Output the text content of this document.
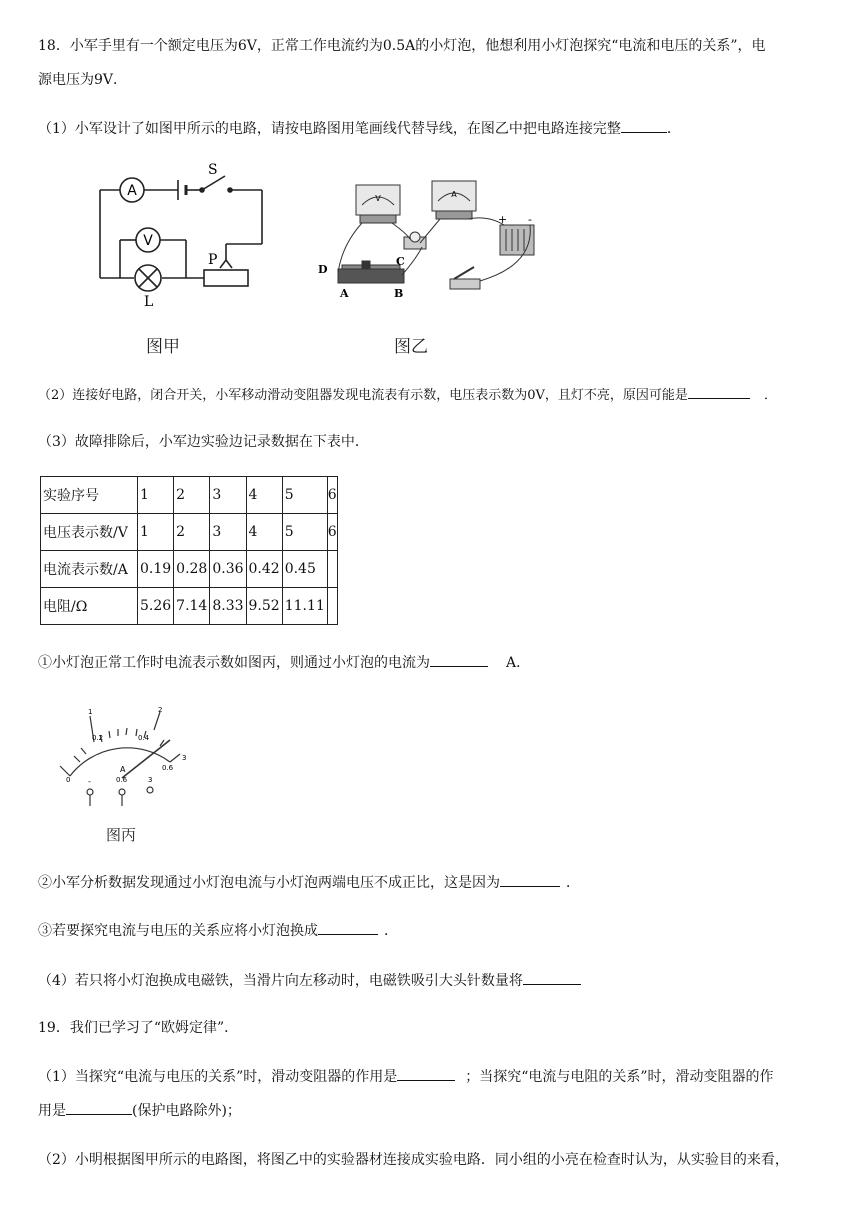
18．小军手里有一个额定电压为6V，正常工作电流约为0.5A的小灯泡，他想利用小灯泡探究“电流和电压的关系”，电
源电压为9V．
（1）小军设计了如图甲所示的电路，请按电路图用笔画线代替导线，在图乙中把电路连接完整	．
A
V
S
L
P
图甲
V	A
+ -
D
C
A	B
图乙
（2）连接好电路，闭合开关，小军移动滑动变阻器发现电流表有示数，电压表示数为0V，且灯不亮，原因可能是	．
（3）故障排除后，小军边实验边记录数据在下表中．
实验序号	1	2	3	4	5	6
电压表示数/V	1	2	3	4	5	6
电流表示数/A	0.19	0.28	0.36	0.42	0.45	
电阻/Ω	5.26	7.14	8.33	9.52	11.11	
①小灯泡正常工作时电流表示数如图丙，则通过小灯泡的电流为	A．
0
0.2	0.4
0.6
1	2
3
A
-	0.6	3
图丙
②小军分析数据发现通过小灯泡电流与小灯泡两端电压不成正比，这是因为	．
③若要探究电流与电压的关系应将小灯泡换成	．
（4）若只将小灯泡换成电磁铁，当滑片向左移动时，电磁铁吸引大头针数量将
19．我们已学习了“欧姆定律”．
（1）当探究“电流与电压的关系”时，滑动变阻器的作用是	；当探究“电流与电阻的关系”时，滑动变阻器的作
用是	(保护电路除外)；
（2）小明根据图甲所示的电路图，将图乙中的实验器材连接成实验电路．同小组的小亮在检查时认为，从实验目的来看，
